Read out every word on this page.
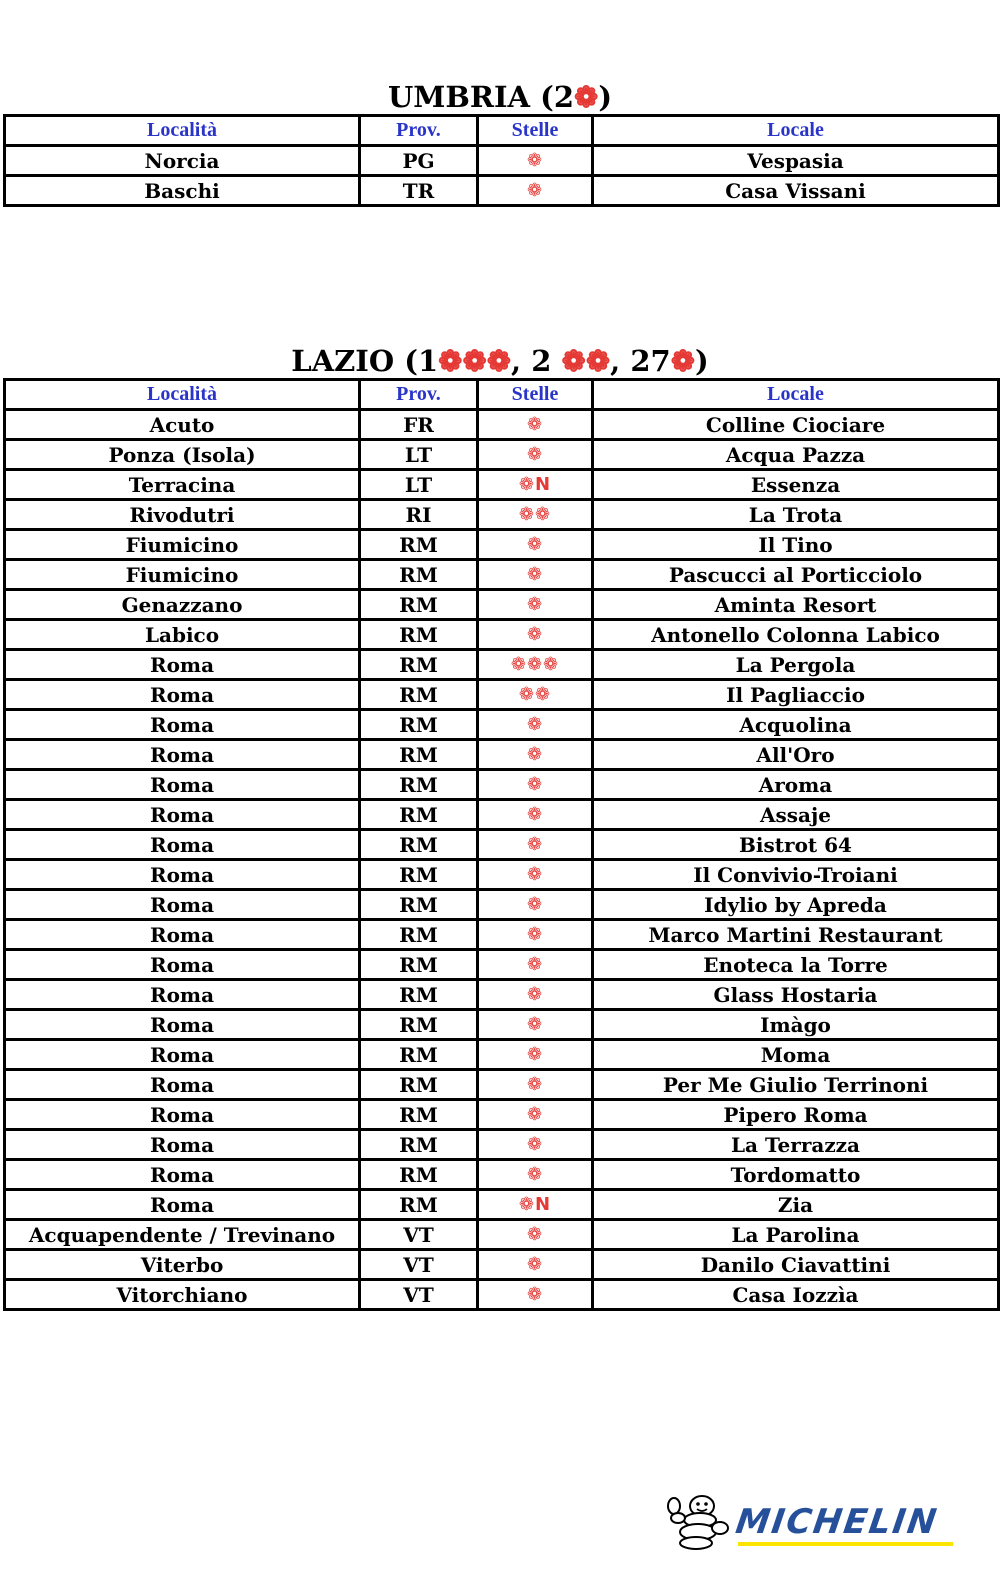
UMBRIA (2❁)
Località	Prov.	Stelle	Locale
Norcia	PG	❁	Vespasia
Baschi	TR	❁	Casa Vissani
LAZIO (1❁❁❁, 2 ❁❁, 27❁)
Località	Prov.	Stelle	Locale
Acuto	FR	❁	Colline Ciociare
Ponza (Isola)	LT	❁	Acqua Pazza
Terracina	LT	❁N	Essenza
Rivodutri	RI	❁❁	La Trota
Fiumicino	RM	❁	Il Tino
Fiumicino	RM	❁	Pascucci al Porticciolo
Genazzano	RM	❁	Aminta Resort
Labico	RM	❁	Antonello Colonna Labico
Roma	RM	❁❁❁	La Pergola
Roma	RM	❁❁	Il Pagliaccio
Roma	RM	❁	Acquolina
Roma	RM	❁	All'Oro
Roma	RM	❁	Aroma
Roma	RM	❁	Assaje
Roma	RM	❁	Bistrot 64
Roma	RM	❁	Il Convivio-Troiani
Roma	RM	❁	Idylio by Apreda
Roma	RM	❁	Marco Martini Restaurant
Roma	RM	❁	Enoteca la Torre
Roma	RM	❁	Glass Hostaria
Roma	RM	❁	Imàgo
Roma	RM	❁	Moma
Roma	RM	❁	Per Me Giulio Terrinoni
Roma	RM	❁	Pipero Roma
Roma	RM	❁	La Terrazza
Roma	RM	❁	Tordomatto
Roma	RM	❁N	Zia
Acquapendente / Trevinano	VT	❁	La Parolina
Viterbo	VT	❁	Danilo Ciavattini
Vitorchiano	VT	❁	Casa Iozzìa
MICHELIN
